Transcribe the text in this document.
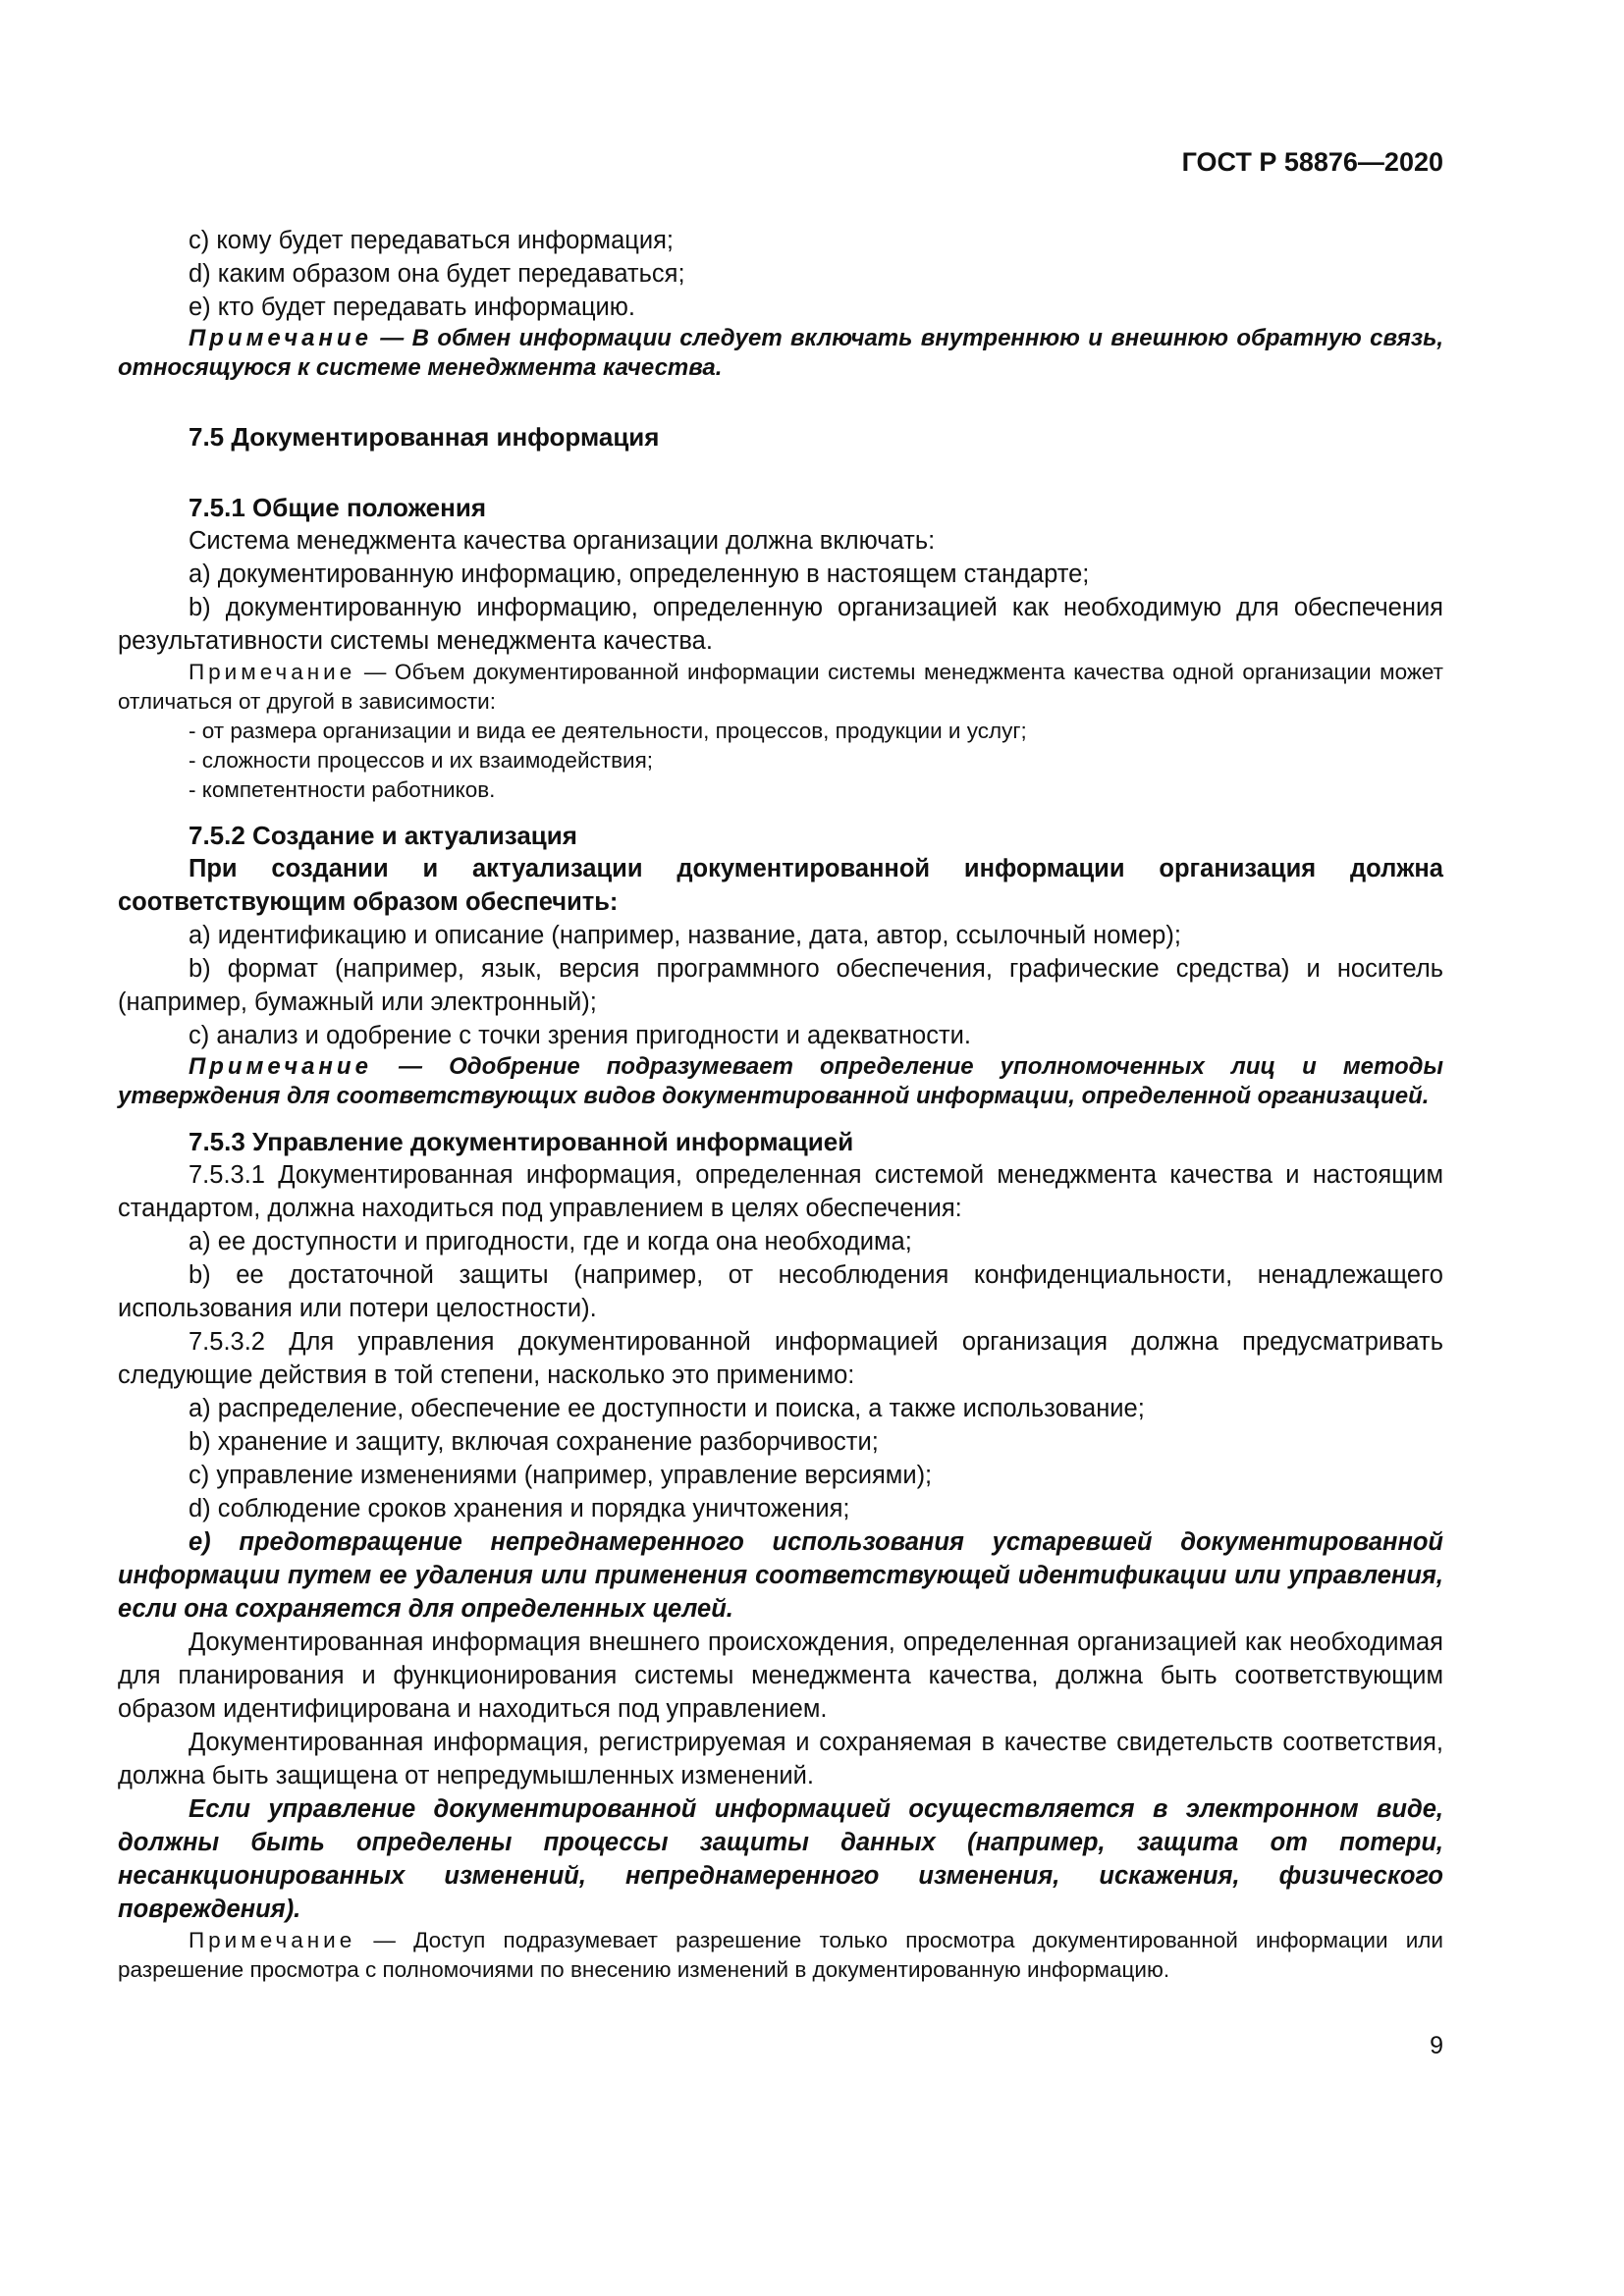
ГОСТ Р 58876—2020

c) кому будет передаваться информация;

d) каким образом она будет передаваться;

e) кто будет передавать информацию.

Примечание — В обмен информации следует включать внутреннюю и внешнюю обратную связь, относящуюся к системе менеджмента качества.

7.5 Документированная информация

7.5.1 Общие положения

Система менеджмента качества организации должна включать:

a) документированную информацию, определенную в настоящем стандарте;

b) документированную информацию, определенную организацией как необходимую для обеспечения результативности системы менеджмента качества.

Примечание — Объем документированной информации системы менеджмента качества одной организации может отличаться от другой в зависимости:

- от размера организации и вида ее деятельности, процессов, продукции и услуг;

- сложности процессов и их взаимодействия;

- компетентности работников.

7.5.2 Создание и актуализация

При создании и актуализации документированной информации организация должна соответствующим образом обеспечить:

a) идентификацию и описание (например, название, дата, автор, ссылочный номер);

b) формат (например, язык, версия программного обеспечения, графические средства) и носитель (например, бумажный или электронный);

c) анализ и одобрение с точки зрения пригодности и адекватности.

Примечание — Одобрение подразумевает определение уполномоченных лиц и методы утверждения для соответствующих видов документированной информации, определенной организацией.

7.5.3 Управление документированной информацией

7.5.3.1 Документированная информация, определенная системой менеджмента качества и настоящим стандартом, должна находиться под управлением в целях обеспечения:

a) ее доступности и пригодности, где и когда она необходима;

b) ее достаточной защиты (например, от несоблюдения конфиденциальности, ненадлежащего использования или потери целостности).

7.5.3.2 Для управления документированной информацией организация должна предусматривать следующие действия в той степени, насколько это применимо:

a) распределение, обеспечение ее доступности и поиска, а также использование;

b) хранение и защиту, включая сохранение разборчивости;

c) управление изменениями (например, управление версиями);

d) соблюдение сроков хранения и порядка уничтожения;

e) предотвращение непреднамеренного использования устаревшей документированной информации путем ее удаления или применения соответствующей идентификации или управления, если она сохраняется для определенных целей.

Документированная информация внешнего происхождения, определенная организацией как необходимая для планирования и функционирования системы менеджмента качества, должна быть соответствующим образом идентифицирована и находиться под управлением.

Документированная информация, регистрируемая и сохраняемая в качестве свидетельств соответствия, должна быть защищена от непредумышленных изменений.

Если управление документированной информацией осуществляется в электронном виде, должны быть определены процессы защиты данных (например, защита от потери, несанкционированных изменений, непреднамеренного изменения, искажения, физического повреждения).

Примечание — Доступ подразумевает разрешение только просмотра документированной информации или разрешение просмотра с полномочиями по внесению изменений в документированную информацию.

9
